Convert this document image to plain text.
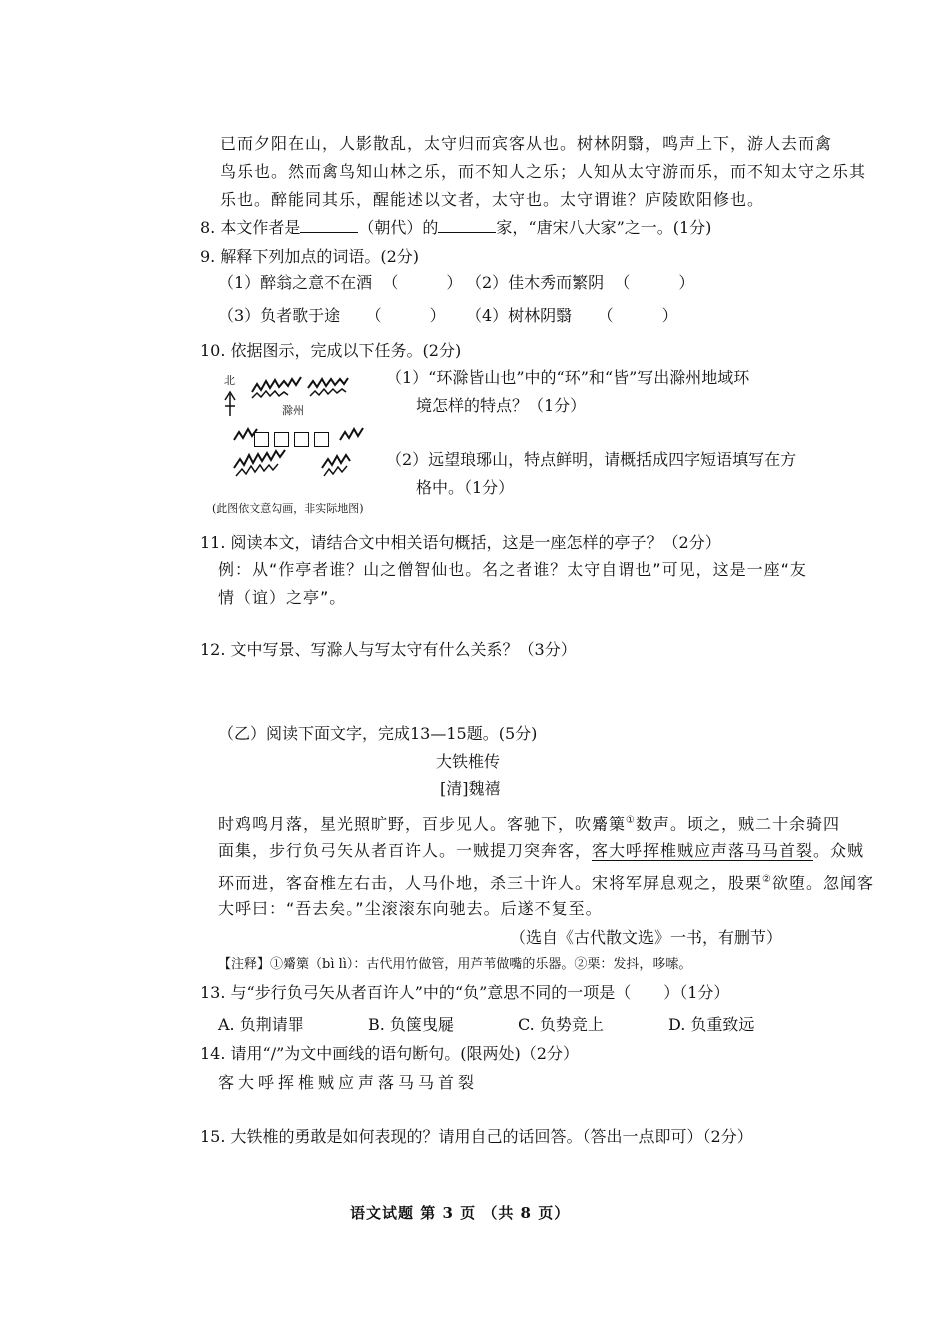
已而夕阳在山，人影散乱，太守归而宾客从也。树林阴翳，鸣声上下，游人去而禽
鸟乐也。然而禽鸟知山林之乐，而不知人之乐；人知从太守游而乐，而不知太守之乐其
乐也。醉能同其乐，醒能述以文者，太守也。太守谓谁？庐陵欧阳修也。
8. 本文作者是	（朝代）的	家，“唐宋八大家”之一。(1分)
9. 解释下列加点的词语。(2分)
（1）醉翁之意不在酒 （　　　） （2）佳木秀而繁阴 （　　　）
（3）负者歌于途 （　　　） （4）树林阴翳 （　　　）
10. 依据图示，完成以下任务。(2分)
北
滁州
(此图依文意勾画，非实际地图)
（1）“环滁皆山也”中的“环”和“皆”写出滁州地域环
境怎样的特点？（1分）
（2）远望琅琊山，特点鲜明，请概括成四字短语填写在方
格中。（1分）
11. 阅读本文，请结合文中相关语句概括，这是一座怎样的亭子？（2分）
例：从“作亭者谁？山之僧智仙也。名之者谁？太守自谓也”可见，这是一座“友
情（谊）之亭”。
12. 文中写景、写滁人与写太守有什么关系？（3分）
（乙）阅读下面文字，完成13—15题。(5分)
大铁椎传
[清]魏禧
时鸡鸣月落，星光照旷野，百步见人。客驰下，吹觱篥①数声。顷之，贼二十余骑四
面集，步行负弓矢从者百许人。一贼提刀突奔客，客大呼挥椎贼应声落马马首裂。众贼
环而进，客奋椎左右击，人马仆地，杀三十许人。宋将军屏息观之，股栗②欲堕。忽闻客
大呼曰：“吾去矣。”尘滚滚东向驰去。后遂不复至。
（选自《古代散文选》一书，有删节）
【注释】①觱篥（bì lì）：古代用竹做管，用芦苇做嘴的乐器。②栗：发抖，哆嗦。
13. 与“步行负弓矢从者百许人”中的“负”意思不同的一项是（　　）（1分）
A. 负荆请罪	B. 负箧曳屣	C. 负势竞上	D. 负重致远
14. 请用“/”为文中画线的语句断句。(限两处)（2分）
客大呼挥椎贼应声落马马首裂
15. 大铁椎的勇敢是如何表现的？请用自己的话回答。（答出一点即可）（2分）
语文试题 第 3 页 （共 8 页）
